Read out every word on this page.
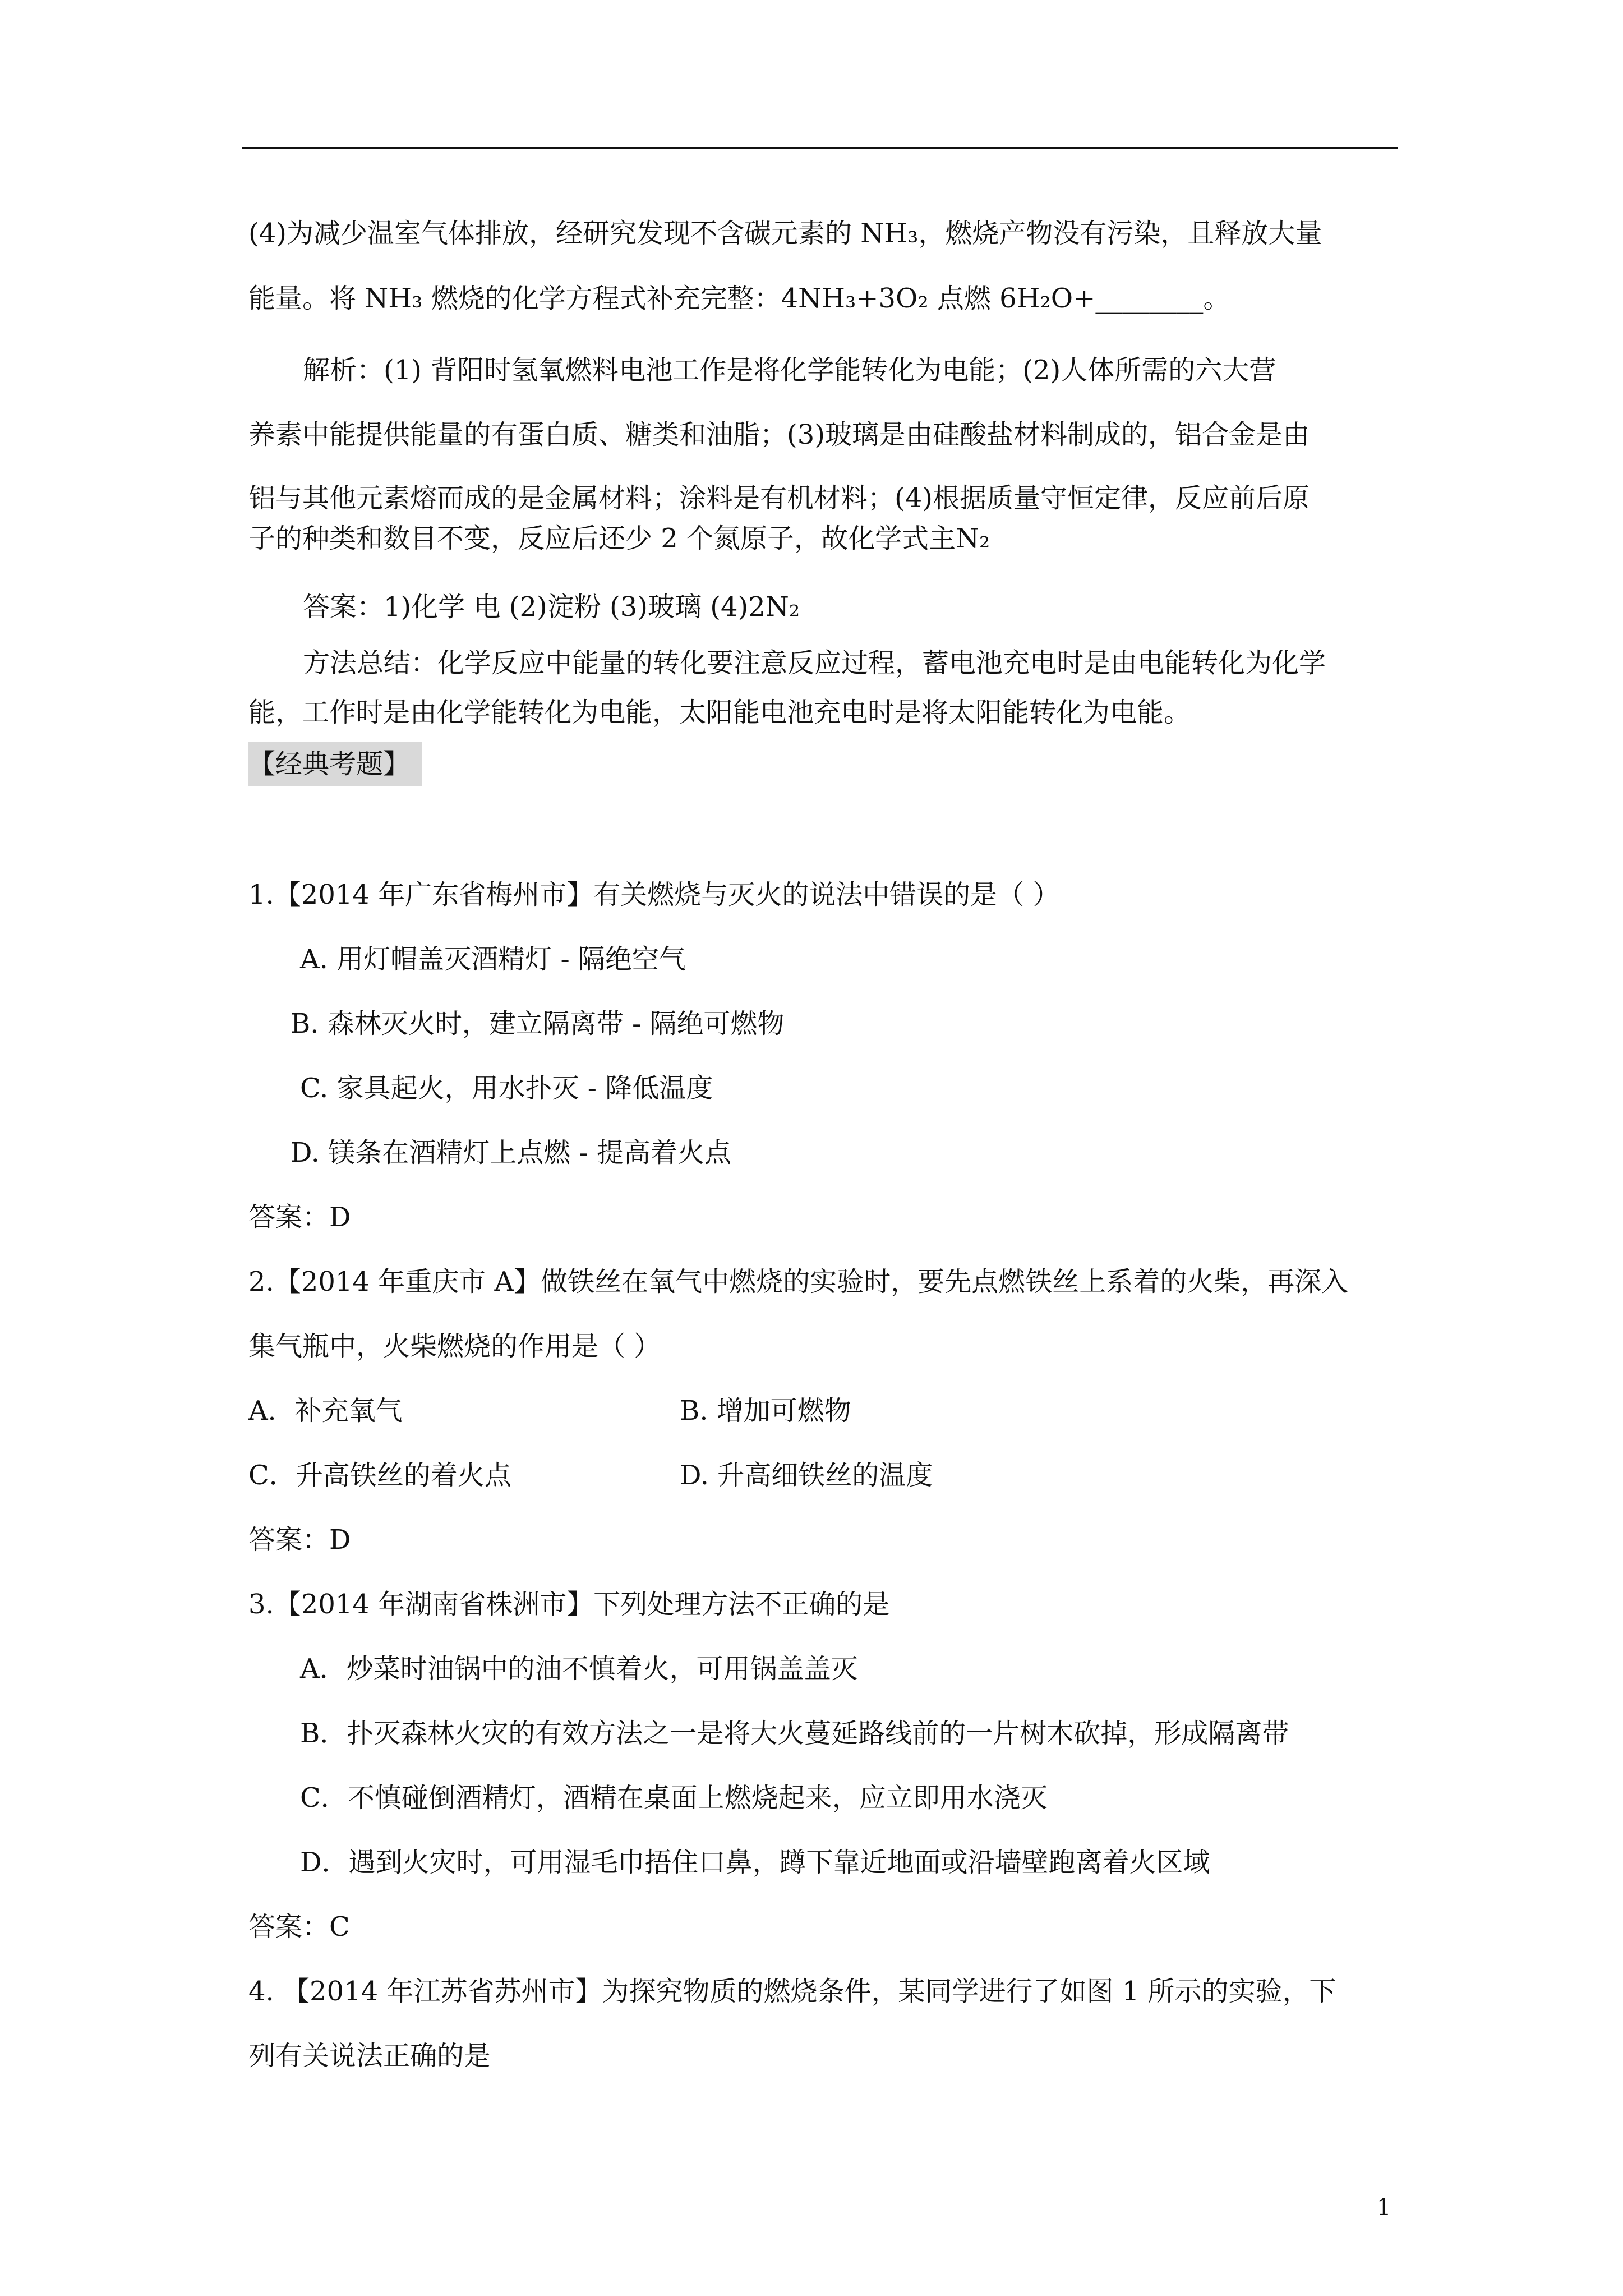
(4)为减少温室气体排放，经研究发现不含碳元素的 NH₃，燃烧产物没有污染，且释放大量
能量。将 NH₃ 燃烧的化学方程式补充完整：4NH₃+3O₂ 点燃 6H₂O+________。
解析：(1) 背阳时氢氧燃料电池工作是将化学能转化为电能；(2)人体所需的六大营
养素中能提供能量的有蛋白质、糖类和油脂；(3)玻璃是由硅酸盐材料制成的，铝合金是由
铝与其他元素熔而成的是金属材料；涂料是有机材料；(4)根据质量守恒定律，反应前后原
子的种类和数目不变，反应后还少 2 个氮原子，故化学式主N₂
答案：1)化学 电 (2)淀粉 (3)玻璃 (4)2N₂
方法总结：化学反应中能量的转化要注意反应过程，蓄电池充电时是由电能转化为化学
能，工作时是由化学能转化为电能，太阳能电池充电时是将太阳能转化为电能。
1.【2014 年广东省梅州市】有关燃烧与灭火的说法中错误的是（ ）
A. 用灯帽盖灭酒精灯 - 隔绝空气
B. 森林灭火时，建立隔离带 - 隔绝可燃物
C. 家具起火，用水扑灭 - 降低温度
D. 镁条在酒精灯上点燃 - 提高着火点
答案：D
2.【2014 年重庆市 A】做铁丝在氧气中燃烧的实验时，要先点燃铁丝上系着的火柴，再深入
集气瓶中，火柴燃烧的作用是（ ）
A．补充氧气	B. 增加可燃物
C．升高铁丝的着火点	D. 升高细铁丝的温度
答案：D
3.【2014 年湖南省株洲市】下列处理方法不正确的是
A．炒菜时油锅中的油不慎着火，可用锅盖盖灭
B．扑灭森林火灾的有效方法之一是将大火蔓延路线前的一片树木砍掉，形成隔离带
C．不慎碰倒酒精灯，酒精在桌面上燃烧起来，应立即用水浇灭
D．遇到火灾时，可用湿毛巾捂住口鼻，蹲下靠近地面或沿墙壁跑离着火区域
答案：C
4. 【2014 年江苏省苏州市】为探究物质的燃烧条件，某同学进行了如图 1 所示的实验，下
列有关说法正确的是
【经典考题】
1
